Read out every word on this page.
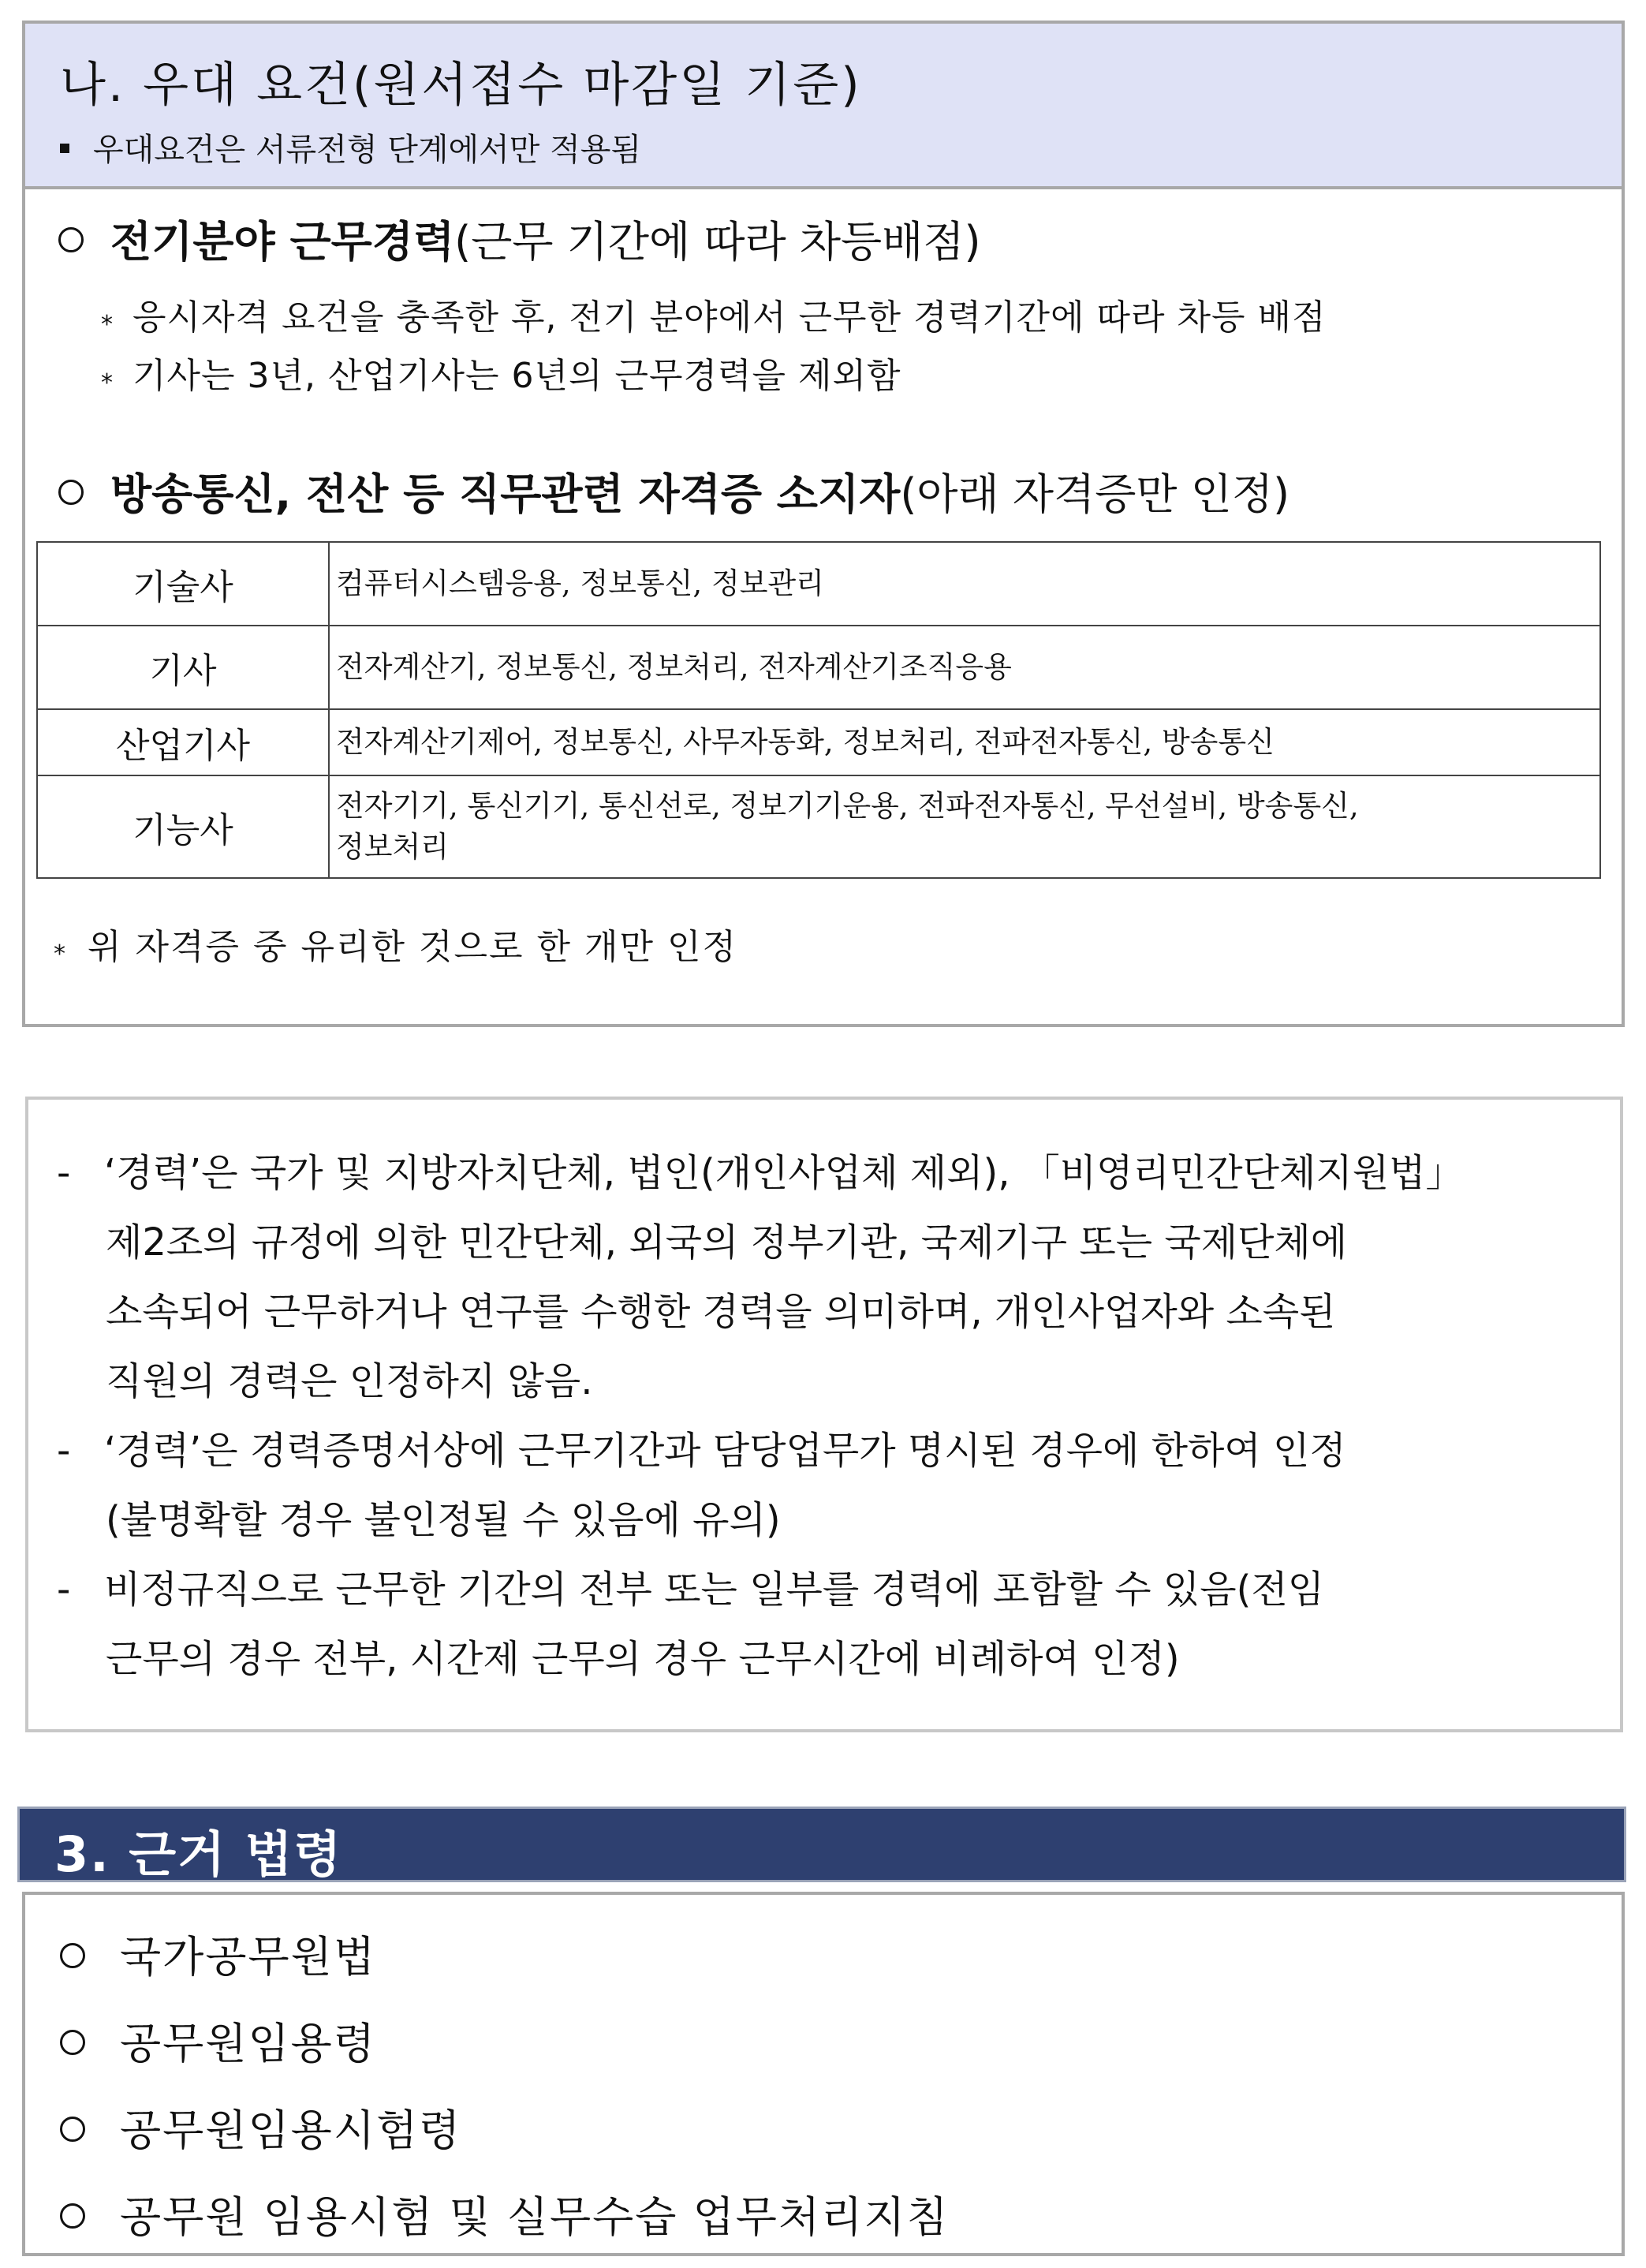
나. 우대 요건(원서접수 마감일 기준)
우대요건은 서류전형 단계에서만 적용됨
전기분야 근무경력(근무 기간에 따라 차등배점)
* 응시자격 요건을 충족한 후, 전기 분야에서 근무한 경력기간에 따라 차등 배점
* 기사는 3년, 산업기사는 6년의 근무경력을 제외함
방송통신, 전산 등 직무관련 자격증 소지자(아래 자격증만 인정)
기술사	컴퓨터시스템응용, 정보통신, 정보관리
기사	전자계산기, 정보통신, 정보처리, 전자계산기조직응용
산업기사	전자계산기제어, 정보통신, 사무자동화, 정보처리, 전파전자통신, 방송통신
기능사	전자기기, 통신기기, 통신선로, 정보기기운용, 전파전자통신, 무선설비, 방송통신,
정보처리
* 위 자격증 중 유리한 것으로 한 개만 인정
- ‘경력’은 국가 및 지방자치단체, 법인(개인사업체 제외), 「비영리민간단체지원법」
제2조의 규정에 의한 민간단체, 외국의 정부기관, 국제기구 또는 국제단체에
소속되어 근무하거나 연구를 수행한 경력을 의미하며, 개인사업자와 소속된
직원의 경력은 인정하지 않음.
- ‘경력’은 경력증명서상에 근무기간과 담당업무가 명시된 경우에 한하여 인정
(불명확할 경우 불인정될 수 있음에 유의)
- 비정규직으로 근무한 기간의 전부 또는 일부를 경력에 포함할 수 있음(전임
근무의 경우 전부, 시간제 근무의 경우 근무시간에 비례하여 인정)
3. 근거 법령
국가공무원법
공무원임용령
공무원임용시험령
공무원 임용시험 및 실무수습 업무처리지침
